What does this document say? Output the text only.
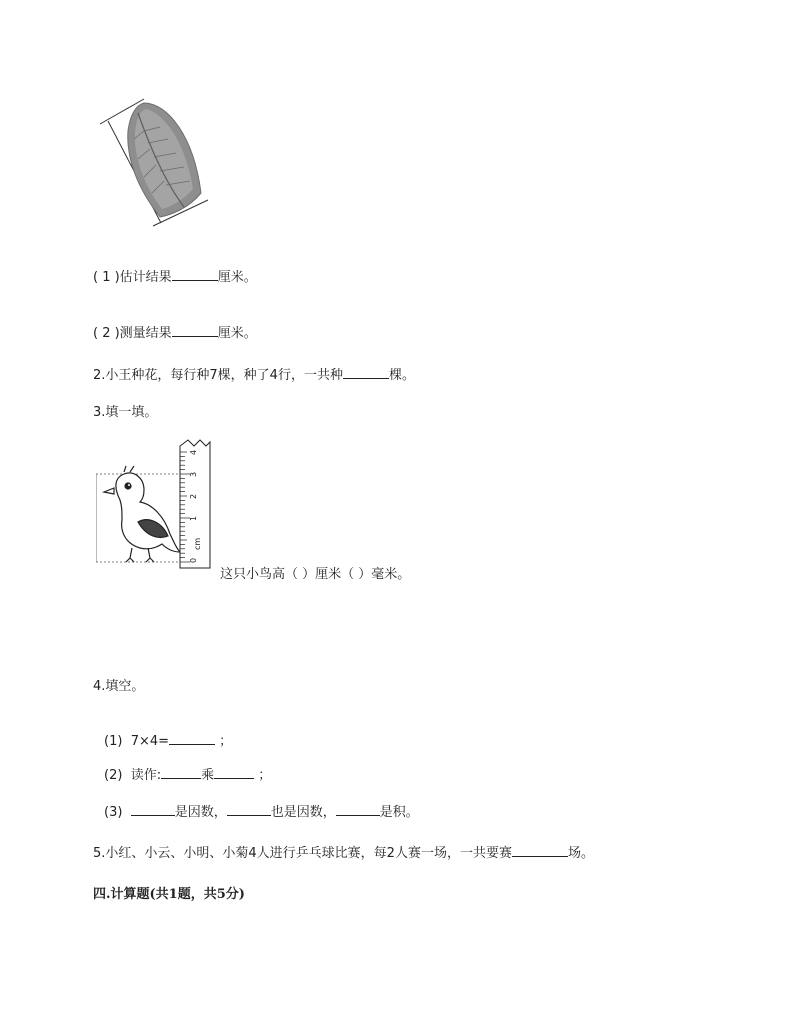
( 1 )估计结果	厘米。
( 2 )测量结果	厘米。
2.小王种花，每行种7棵，种了4行，一共种	棵。
3.填一填。
0
cm
1
2
3
4
这只小鸟高（ ）厘米（ ）毫米。
4.填空。
(1) 7×4=	；
(2) 读作:	乘	；
(3)	是因数，	也是因数，	是积。
5.小红、小云、小明、小菊4人进行乒乓球比赛，每2人赛一场，一共要赛	场。
四.计算题(共1题，共5分)
